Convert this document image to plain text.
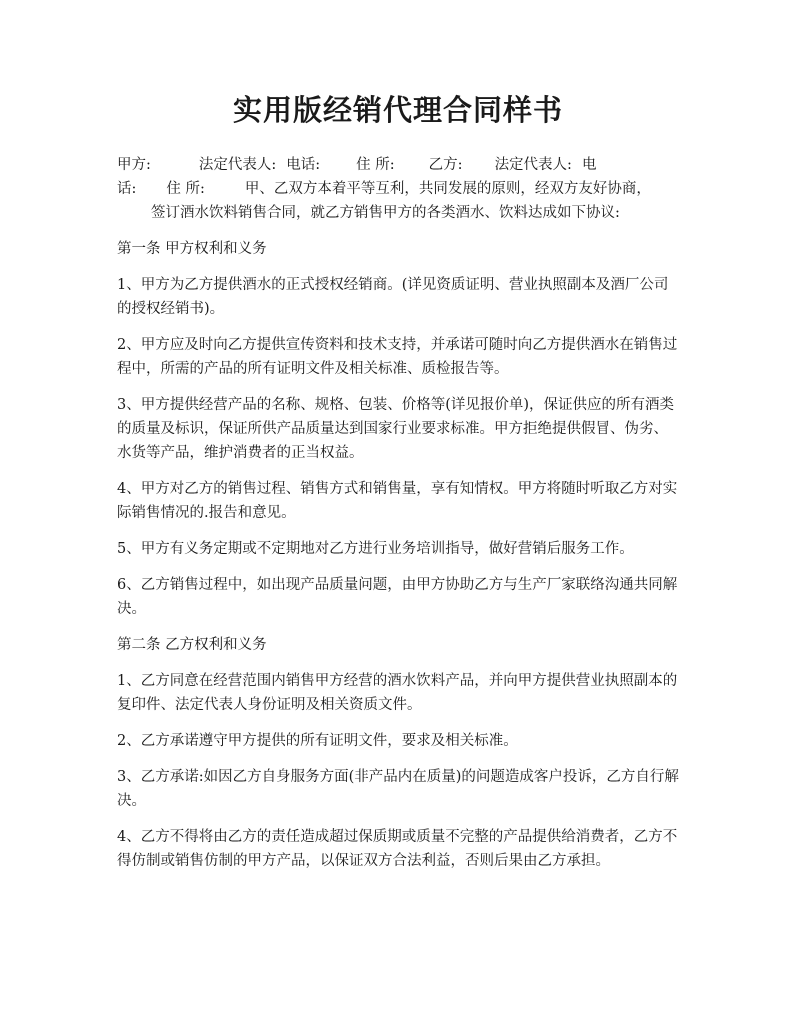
实用版经销代理合同样书

甲方:	法定代表人: 电话: 住 所: 乙方: 法定代表人: 电
话: 住 所:	甲、乙双方本着平等互利，共同发展的原则，经双方友好协商，签订酒水饮料销售合同，就乙方销售甲方的各类酒水、饮料达成如下协议:

第一条 甲方权利和义务

1、甲方为乙方提供酒水的正式授权经销商。(详见资质证明、营业执照副本及酒厂公司的授权经销书)。

2、甲方应及时向乙方提供宣传资料和技术支持，并承诺可随时向乙方提供酒水在销售过程中，所需的产品的所有证明文件及相关标准、质检报告等。

3、甲方提供经营产品的名称、规格、包装、价格等(详见报价单)，保证供应的所有酒类的质量及标识，保证所供产品质量达到国家行业要求标准。甲方拒绝提供假冒、伪劣、水货等产品，维护消费者的正当权益。

4、甲方对乙方的销售过程、销售方式和销售量，享有知情权。甲方将随时听取乙方对实际销售情况的.报告和意见。

5、甲方有义务定期或不定期地对乙方进行业务培训指导，做好营销后服务工作。

6、乙方销售过程中，如出现产品质量问题，由甲方协助乙方与生产厂家联络沟通共同解决。

第二条 乙方权利和义务

1、乙方同意在经营范围内销售甲方经营的酒水饮料产品，并向甲方提供营业执照副本的复印件、法定代表人身份证明及相关资质文件。

2、乙方承诺遵守甲方提供的所有证明文件，要求及相关标准。

3、乙方承诺:如因乙方自身服务方面(非产品内在质量)的问题造成客户投诉，乙方自行解决。

4、乙方不得将由乙方的责任造成超过保质期或质量不完整的产品提供给消费者，乙方不得仿制或销售仿制的甲方产品，以保证双方合法利益，否则后果由乙方承担。
